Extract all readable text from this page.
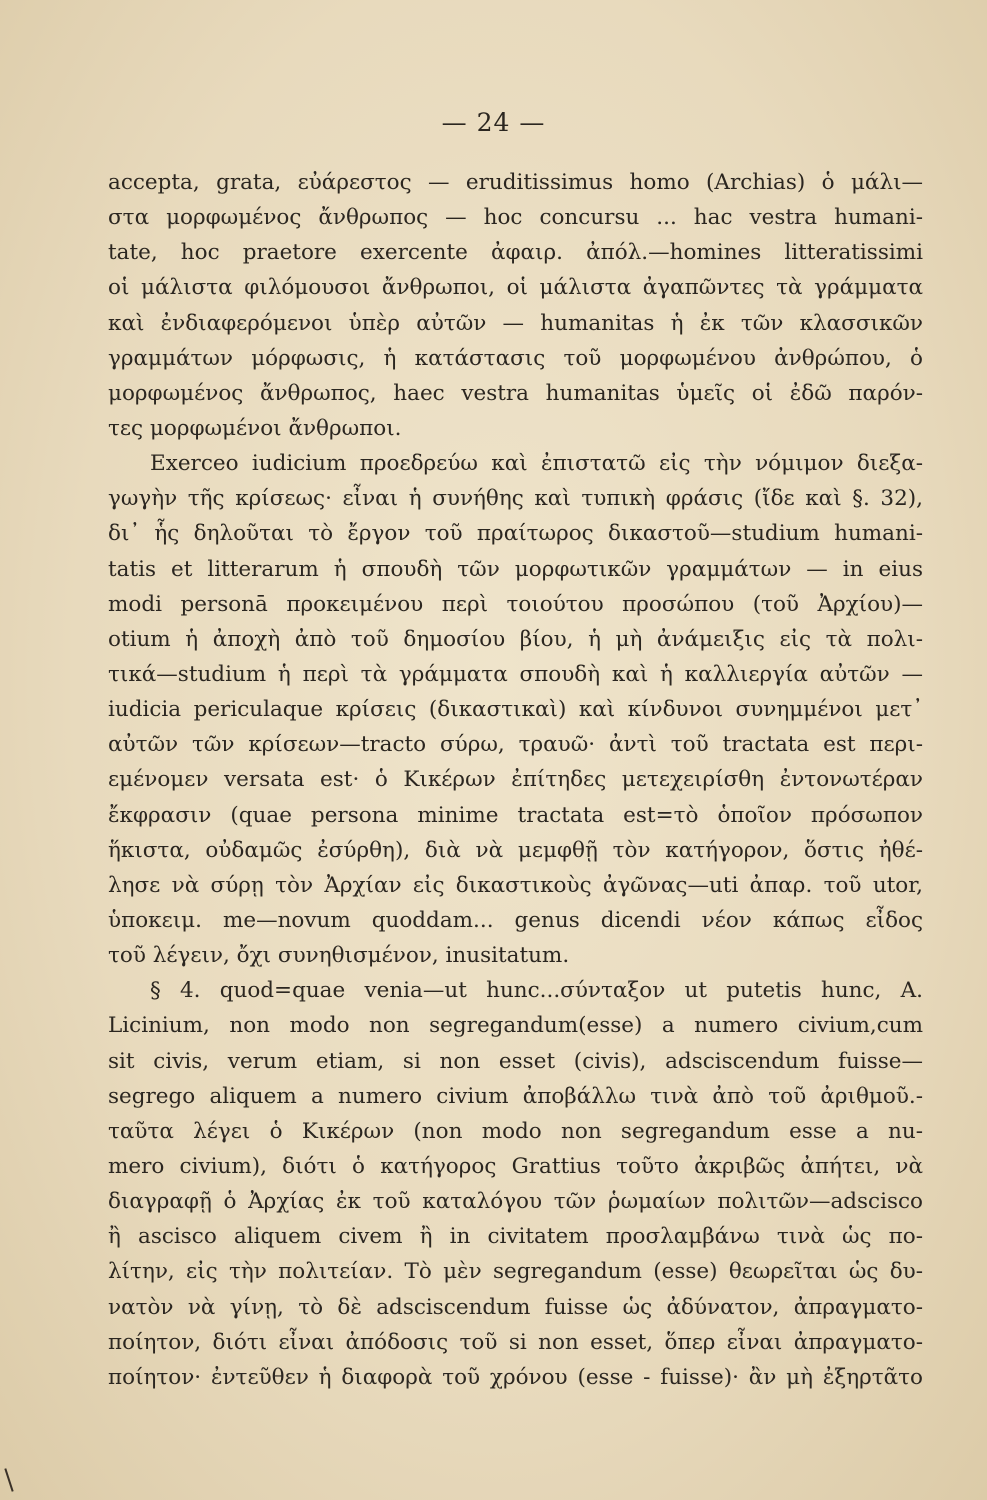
— 24 —
accepta, grata, εὐάρεστος — eruditissimus homo (Archias) ὁ μάλι—
στα μορφωμένος ἄνθρωπος — hoc concursu ... hac vestra humani-
tate, hoc praetore exercente ἀφαιρ. ἀπόλ.—homines litteratissimi
οἱ μάλιστα φιλόμουσοι ἄνθρωποι, οἱ μάλιστα ἀγαπῶντες τὰ γράμματα
καὶ ἐνδιαφερόμενοι ὑπὲρ αὐτῶν — humanitas ἡ ἐκ τῶν κλασσικῶν
γραμμάτων μόρφωσις, ἡ κατάστασις τοῦ μορφωμένου ἀνθρώπου, ὁ
μορφωμένος ἄνθρωπος, haec vestra humanitas ὑμεῖς οἱ ἐδῶ παρόν-
τες μορφωμένοι ἄνθρωποι.
Exerceo iudicium προεδρεύω καὶ ἐπιστατῶ εἰς τὴν νόμιμον διεξα-
γωγὴν τῆς κρίσεως· εἶναι ἡ συνήθης καὶ τυπικὴ φράσις (ἴδε καὶ §. 32),
δι᾽ ἧς δηλοῦται τὸ ἔργον τοῦ πραίτωρος δικαστοῦ—studium humani-
tatis et litterarum ἡ σπουδὴ τῶν μορφωτικῶν γραμμάτων — in eius
modi personā προκειμένου περὶ τοιούτου προσώπου (τοῦ Ἀρχίου)—
otium ἡ ἀποχὴ ἀπὸ τοῦ δημοσίου βίου, ἡ μὴ ἀνάμειξις εἰς τὰ πολι-
τικά—studium ἡ περὶ τὰ γράμματα σπουδὴ καὶ ἡ καλλιεργία αὐτῶν —
iudicia periculaque κρίσεις (δικαστικαὶ) καὶ κίνδυνοι συνημμένοι μετ᾽
αὐτῶν τῶν κρίσεων—tracto σύρω, τραυῶ· ἀντὶ τοῦ tractata est περι-
εμένομεν versata est· ὁ Κικέρων ἐπίτηδες μετεχειρίσθη ἐντονωτέραν
ἔκφρασιν (quae persona minime tractata est=τὸ ὁποῖον πρόσωπον
ἥκιστα, οὐδαμῶς ἐσύρθη), διὰ νὰ μεμφθῇ τὸν κατήγορον, ὅστις ἠθέ-
λησε νὰ σύρῃ τὸν Ἀρχίαν εἰς δικαστικοὺς ἀγῶνας—uti ἀπαρ. τοῦ utor,
ὑποκειμ. me—novum quoddam... genus dicendi νέον κάπως εἶδος
τοῦ λέγειν, ὄχι συνηθισμένον, inusitatum.
§ 4. quod=quae venia—ut hunc...σύνταξον ut putetis hunc, A.
Licinium, non modo non segregandum(esse) a numero civium,cum
sit civis, verum etiam, si non esset (civis), adsciscendum fuisse—
segrego aliquem a numero civium ἀποβάλλω τινὰ ἀπὸ τοῦ ἀριθμοῦ.-
ταῦτα λέγει ὁ Κικέρων (non modo non segregandum esse a nu-
mero civium), διότι ὁ κατήγορος Grattius τοῦτο ἀκριβῶς ἀπήτει, νὰ
διαγραφῇ ὁ Ἀρχίας ἐκ τοῦ καταλόγου τῶν ῥωμαίων πολιτῶν—adscisco
ἢ ascisco aliquem civem ἢ in civitatem προσλαμβάνω τινὰ ὡς πο-
λίτην, εἰς τὴν πολιτείαν. Τὸ μὲν segregandum (esse) θεωρεῖται ὡς δυ-
νατὸν νὰ γίνῃ, τὸ δὲ adsciscendum fuisse ὡς ἀδύνατον, ἀπραγματο-
ποίητον, διότι εἶναι ἀπόδοσις τοῦ si non esset, ὅπερ εἶναι ἀπραγματο-
ποίητον· ἐντεῦθεν ἡ διαφορὰ τοῦ χρόνου (esse - fuisse)· ἂν μὴ ἐξηρτᾶτο
